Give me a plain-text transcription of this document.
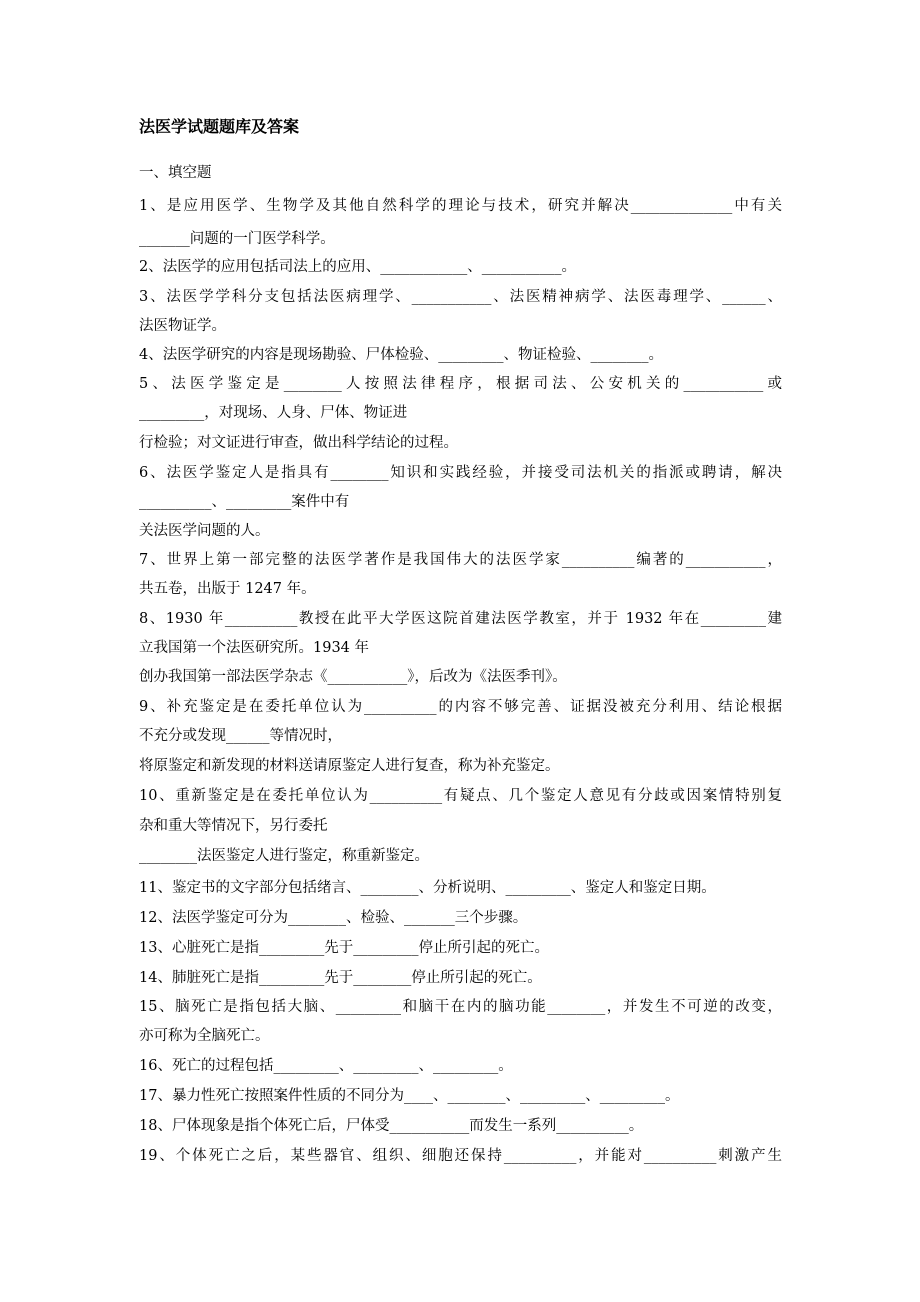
法医学试题题库及答案
一、填空题
1、是应用医学、生物学及其他自然科学的理论与技术，研究并解决______________中有关
_______问题的一门医学科学。
2、法医学的应用包括司法上的应用、____________、___________。
3、法医学学科分支包括法医病理学、___________、法医精神病学、法医毒理学、______、
法医物证学。
4、法医学研究的内容是现场勘验、尸体检验、_________、物证检验、________。
5、法医学鉴定是________人按照法律程序，根据司法、公安机关的___________或
_________，对现场、人身、尸体、物证进
行检验；对文证进行审查，做出科学结论的过程。
6、法医学鉴定人是指具有________知识和实践经验，并接受司法机关的指派或聘请，解决
__________、_________案件中有
关法医学问题的人。
7、世界上第一部完整的法医学著作是我国伟大的法医学家__________编著的___________，
共五卷，出版于 1247 年。
8、1930 年__________教授在此平大学医这院首建法医学教室，并于 1932 年在_________建
立我国第一个法医研究所。1934 年
创办我国第一部法医学杂志《___________》，后改为《法医季刊》。
9、补充鉴定是在委托单位认为__________的内容不够完善、证据没被充分利用、结论根据
不充分或发现______等情况时，
将原鉴定和新发现的材料送请原鉴定人进行复查，称为补充鉴定。
10、重新鉴定是在委托单位认为__________有疑点、几个鉴定人意见有分歧或因案情特别复
杂和重大等情况下，另行委托
________法医鉴定人进行鉴定，称重新鉴定。
11、鉴定书的文字部分包括绪言、________、分析说明、_________、鉴定人和鉴定日期。
12、法医学鉴定可分为________、检验、_______三个步骤。
13、心脏死亡是指_________先于_________停止所引起的死亡。
14、肺脏死亡是指_________先于________停止所引起的死亡。
15、脑死亡是指包括大脑、_________和脑干在内的脑功能________，并发生不可逆的改变，
亦可称为全脑死亡。
16、死亡的过程包括_________、_________、_________。
17、暴力性死亡按照案件性质的不同分为____、________、_________、_________。
18、尸体现象是指个体死亡后，尸体受___________而发生一系列__________。
19、个体死亡之后，某些器官、组织、细胞还保持__________，并能对__________刺激产生
